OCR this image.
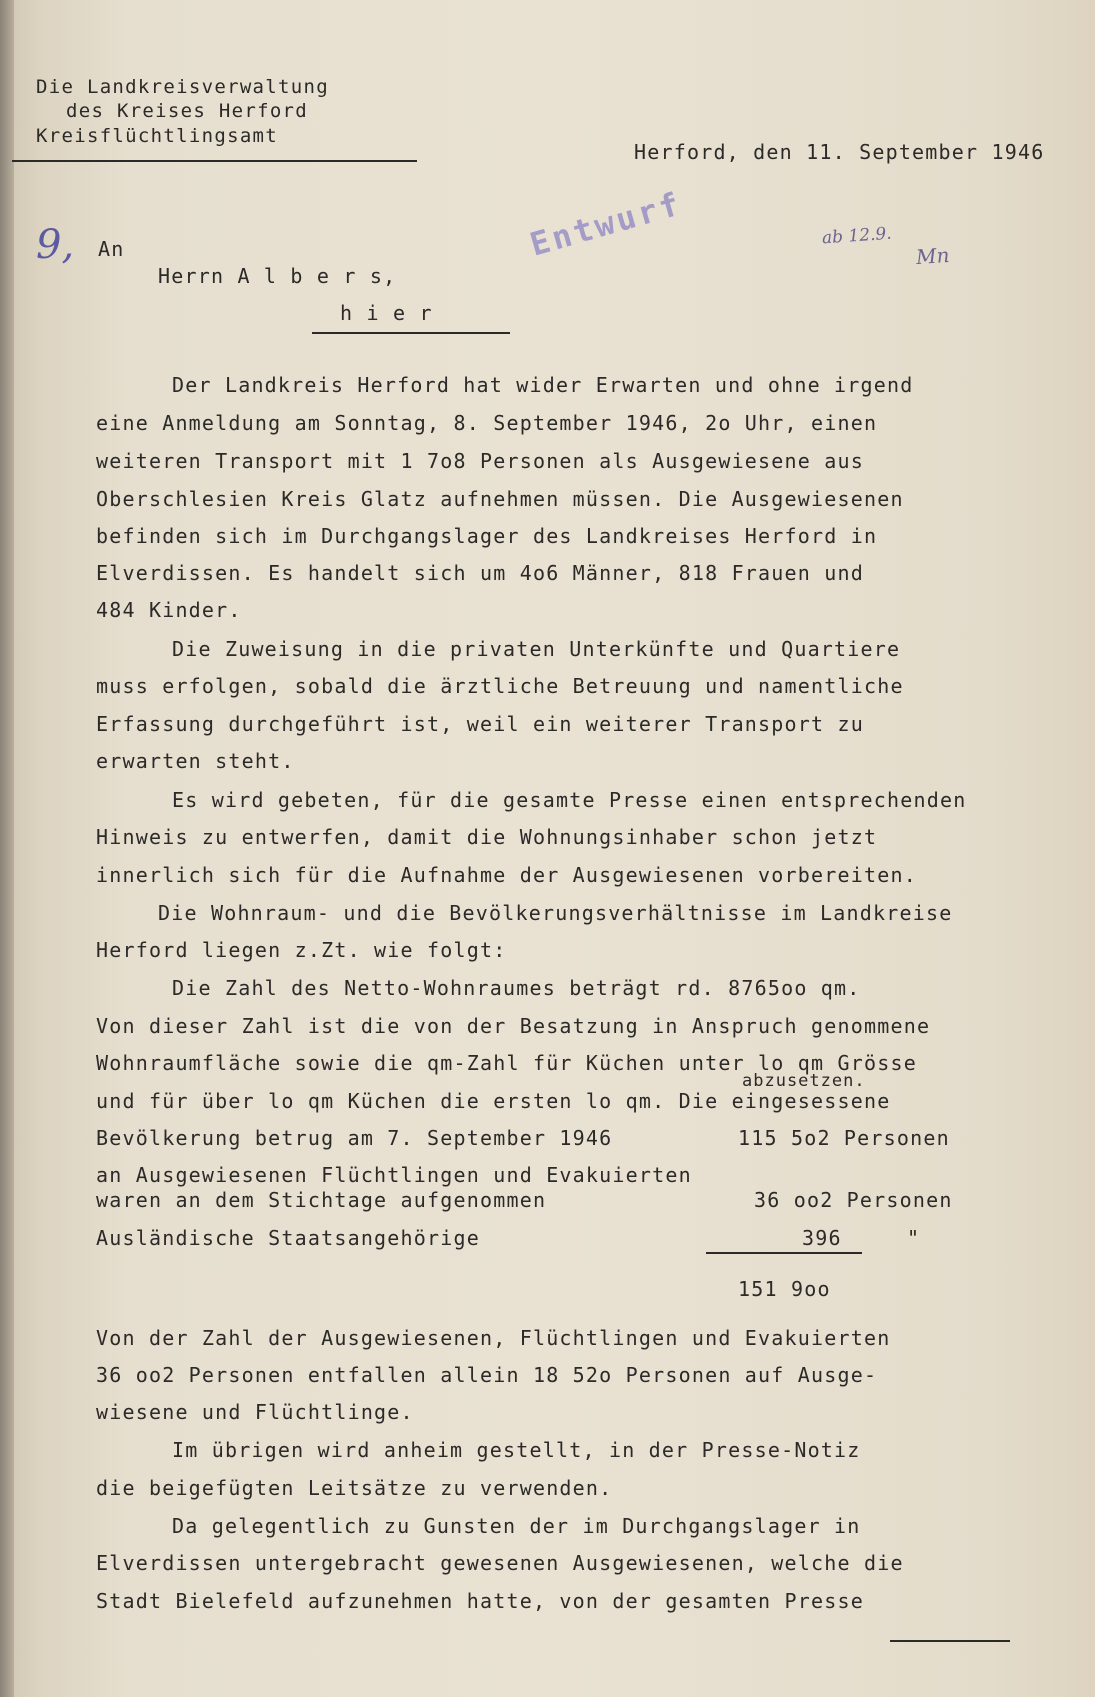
Die Landkreisverwaltung
des Kreises Herford
Kreisflüchtlingsamt
Herford, den 11. September 1946
9,	ab 12.9.
Mn
Entwurf
An
Herrn A l b e r s,
h i e r
Der Landkreis Herford hat wider Erwarten und ohne irgend
eine Anmeldung am Sonntag, 8. September 1946, 2o Uhr, einen
weiteren Transport mit 1 7o8 Personen als Ausgewiesene aus
Oberschlesien Kreis Glatz aufnehmen müssen. Die Ausgewiesenen
befinden sich im Durchgangslager des Landkreises Herford in
Elverdissen. Es handelt sich um 4o6 Männer, 818 Frauen und
484 Kinder.
Die Zuweisung in die privaten Unterkünfte und Quartiere
muss erfolgen, sobald die ärztliche Betreuung und namentliche
Erfassung durchgeführt ist, weil ein weiterer Transport zu
erwarten steht.
Es wird gebeten, für die gesamte Presse einen entsprechenden
Hinweis zu entwerfen, damit die Wohnungsinhaber schon jetzt
innerlich sich für die Aufnahme der Ausgewiesenen vorbereiten.
Die Wohnraum- und die Bevölkerungsverhältnisse im Landkreise
Herford liegen z.Zt. wie folgt:
Die Zahl des Netto-Wohnraumes beträgt rd. 8765oo qm.
Von dieser Zahl ist die von der Besatzung in Anspruch genommene
Wohnraumfläche sowie die qm-Zahl für Küchen unter lo qm Grösse
abzusetzen.
und für über lo qm Küchen die ersten lo qm. Die eingesessene
Bevölkerung betrug am 7. September 1946	115 5o2 Personen
an Ausgewiesenen Flüchtlingen und Evakuierten
waren an dem Stichtage aufgenommen	36 oo2 Personen
Ausländische Staatsangehörige	396	"
151 9oo
Von der Zahl der Ausgewiesenen, Flüchtlingen und Evakuierten
36 oo2 Personen entfallen allein 18 52o Personen auf Ausge-
wiesene und Flüchtlinge.
Im übrigen wird anheim gestellt, in der Presse-Notiz
die beigefügten Leitsätze zu verwenden.
Da gelegentlich zu Gunsten der im Durchgangslager in
Elverdissen untergebracht gewesenen Ausgewiesenen, welche die
Stadt Bielefeld aufzunehmen hatte, von der gesamten Presse
